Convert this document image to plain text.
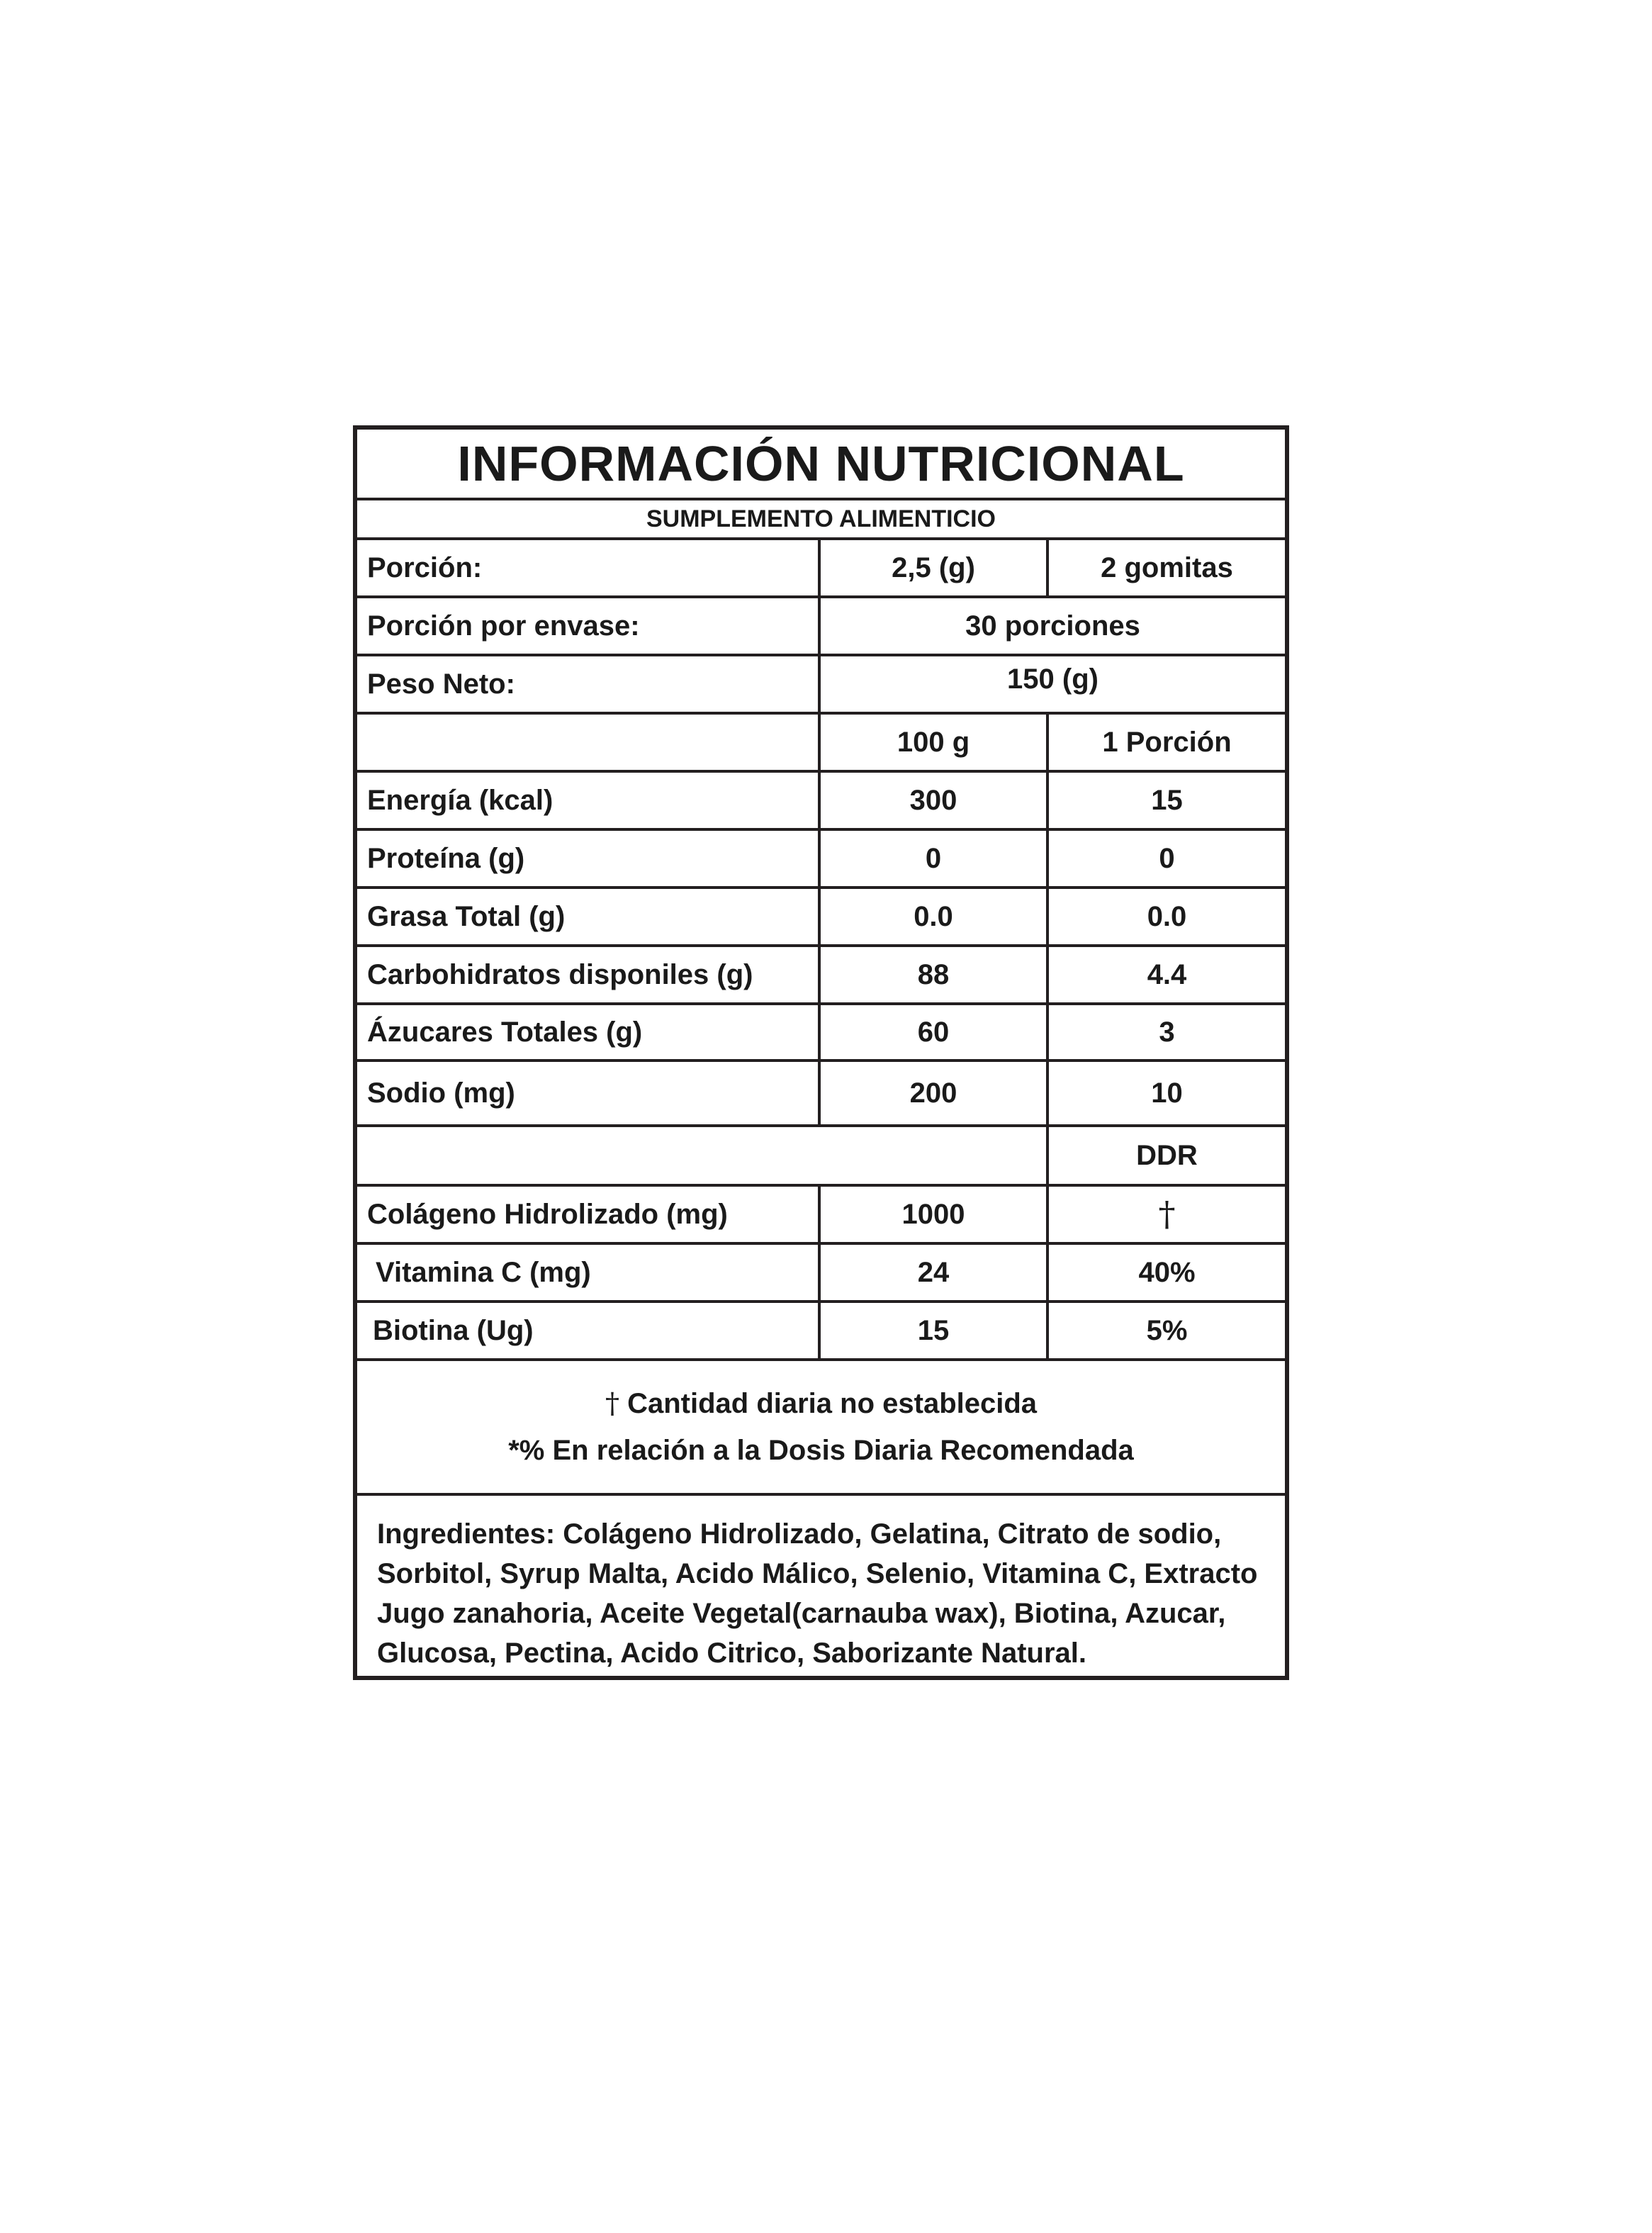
INFORMACIÓN NUTRICIONAL
SUMPLEMENTO ALIMENTICIO
Porción:	2,5 (g)	2 gomitas
Porción por envase:	30 porciones
Peso Neto:	150 (g)
100 g	1 Porción
Energía (kcal)	300	15
Proteína (g)	0	0
Grasa Total (g)	0.0	0.0
Carbohidratos disponiles (g)	88	4.4
Ázucares Totales (g)	60	3
Sodio (mg)	200	10
DDR
Colágeno Hidrolizado (mg)	1000	†
Vitamina C (mg)	24	40%
Biotina (Ug)	15	5%
† Cantidad diaria no establecida
*% En relación a la Dosis Diaria Recomendada
Ingredientes: Colágeno Hidrolizado, Gelatina, Citrato de sodio, Sorbitol, Syrup Malta, Acido Málico, Selenio, Vitamina C, Extracto Jugo zanahoria, Aceite Vegetal(carnauba wax), Biotina, Azucar, Glucosa, Pectina, Acido Citrico, Saborizante Natural.
